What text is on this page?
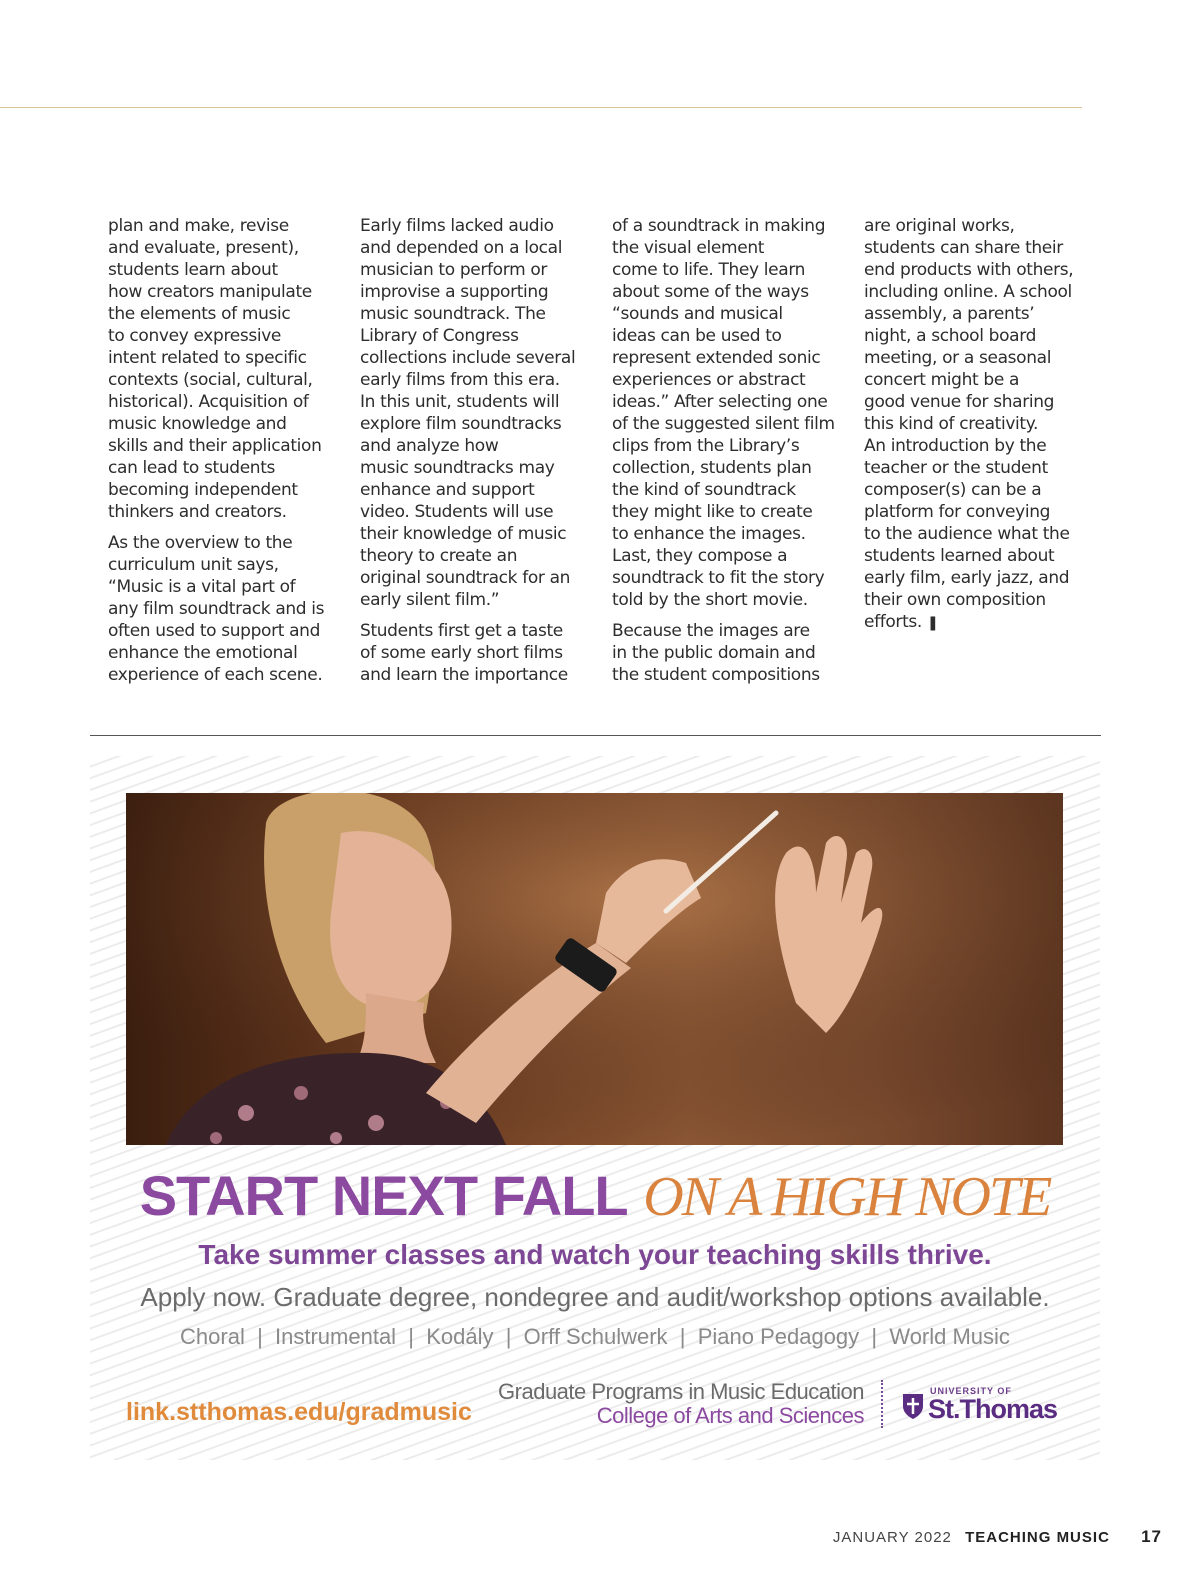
plan and make, revise
and evaluate, present),
students learn about
how creators manipulate
the elements of music
to convey expressive
intent related to specific
contexts (social, cultural,
historical). Acquisition of
music knowledge and
skills and their application
can lead to students
becoming independent
thinkers and creators.

As the overview to the
curriculum unit says,
“Music is a vital part of
any film soundtrack and is
often used to support and
enhance the emotional
experience of each scene.

Early films lacked audio
and depended on a local
musician to perform or
improvise a supporting
music soundtrack. The
Library of Congress
collections include several
early films from this era.
In this unit, students will
explore film soundtracks
and analyze how
music soundtracks may
enhance and support
video. Students will use
their knowledge of music
theory to create an
original soundtrack for an
early silent film.”

Students first get a taste
of some early short films
and learn the importance

of a soundtrack in making
the visual element
come to life. They learn
about some of the ways
“sounds and musical
ideas can be used to
represent extended sonic
experiences or abstract
ideas.” After selecting one
of the suggested silent film
clips from the Library’s
collection, students plan
the kind of soundtrack
they might like to create
to enhance the images.
Last, they compose a
soundtrack to fit the story
told by the short movie.

Because the images are
in the public domain and
the student compositions

are original works,
students can share their
end products with others,
including online. A school
assembly, a parents’
night, a school board
meeting, or a seasonal
concert might be a
good venue for sharing
this kind of creativity.
An introduction by the
teacher or the student
composer(s) can be a
platform for conveying
to the audience what the
students learned about
early film, early jazz, and
their own composition
efforts. ❚

START NEXT FALL ON A HIGH NOTE
Take summer classes and watch your teaching skills thrive.
Apply now. Graduate degree, nondegree and audit/workshop options available.
Choral  |  Instrumental  |  Kodály  |  Orff Schulwerk  |  Piano Pedagogy  |  World Music
link.stthomas.edu/gradmusic
Graduate Programs in Music Education
College of Arts and Sciences
UNIVERSITY OF
St.Thomas
JANUARY 2022 TEACHING MUSIC 17
